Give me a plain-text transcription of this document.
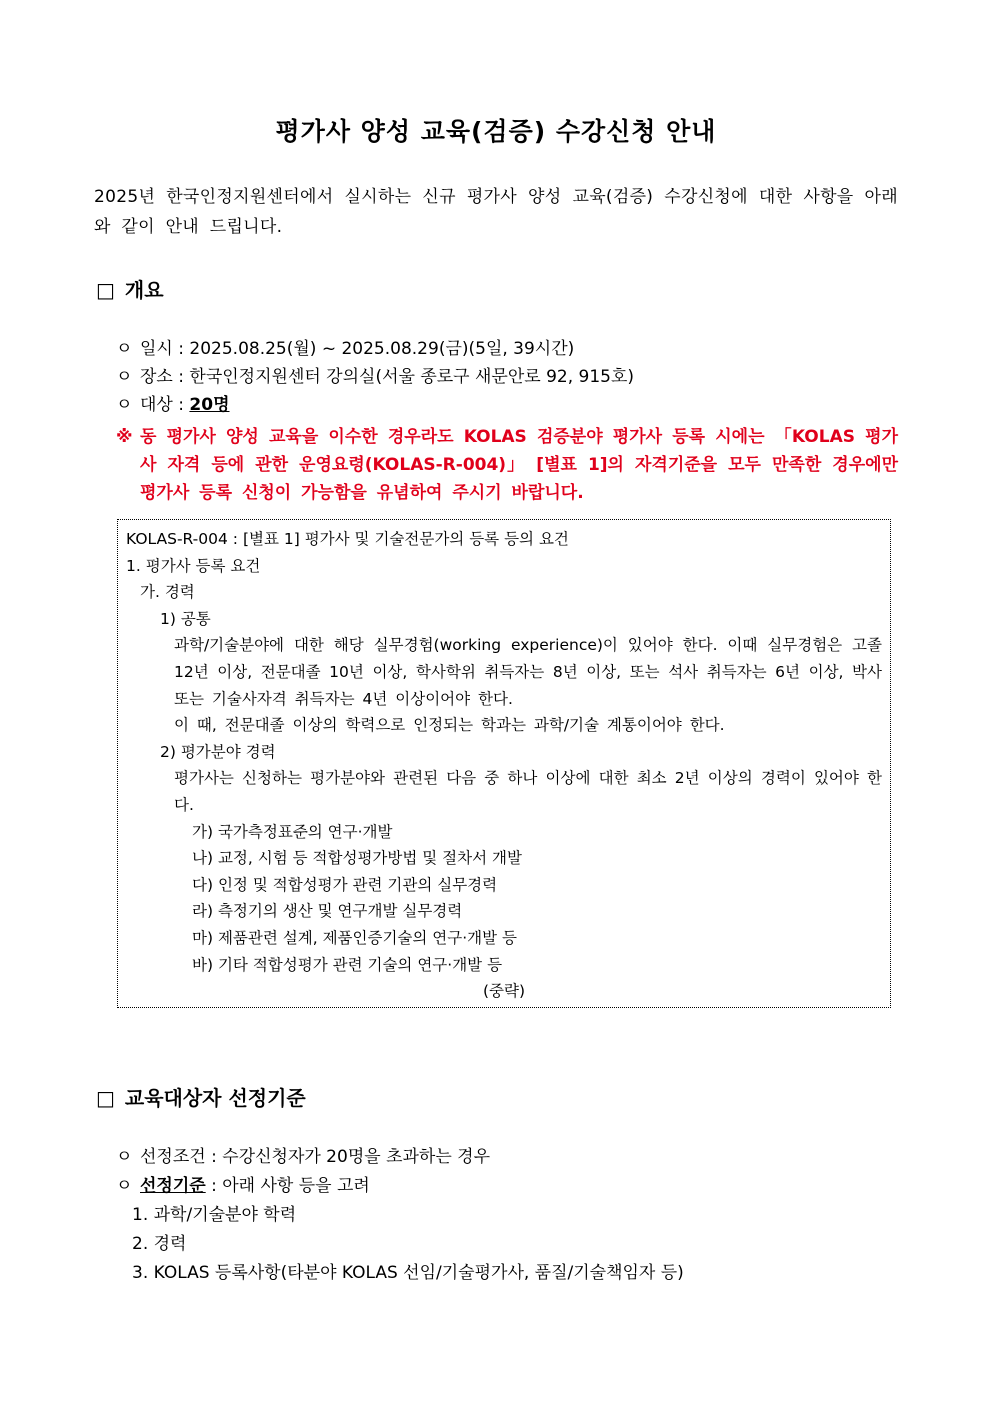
평가사 양성 교육(검증) 수강신청 안내
2025년 한국인정지원센터에서 실시하는 신규 평가사 양성 교육(검증) 수강신청에 대한 사항을 아래와 같이 안내 드립니다.
□ 개요
ㅇ 일시 : 2025.08.25(월) ~ 2025.08.29(금)(5일, 39시간)
ㅇ 장소 : 한국인정지원센터 강의실(서울 종로구 새문안로 92, 915호)
ㅇ 대상 : 20명
※ 동 평가사 양성 교육을 이수한 경우라도 KOLAS 검증분야 평가사 등록 시에는 「KOLAS 평가사 자격 등에 관한 운영요령(KOLAS-R-004)」 [별표 1]의 자격기준을 모두 만족한 경우에만 평가사 등록 신청이 가능함을 유념하여 주시기 바랍니다.
KOLAS-R-004 : [별표 1] 평가사 및 기술전문가의 등록 등의 요건
1. 평가사 등록 요건
가. 경력
1) 공통
과학/기술분야에 대한 해당 실무경험(working experience)이 있어야 한다. 이때 실무경험은 고졸 12년 이상, 전문대졸 10년 이상, 학사학위 취득자는 8년 이상, 또는 석사 취득자는 6년 이상, 박사 또는 기술사자격 취득자는 4년 이상이어야 한다.
이 때, 전문대졸 이상의 학력으로 인정되는 학과는 과학/기술 계통이어야 한다.
2) 평가분야 경력
평가사는 신청하는 평가분야와 관련된 다음 중 하나 이상에 대한 최소 2년 이상의 경력이 있어야 한다.
가) 국가측정표준의 연구·개발
나) 교정, 시험 등 적합성평가방법 및 절차서 개발
다) 인정 및 적합성평가 관련 기관의 실무경력
라) 측정기의 생산 및 연구개발 실무경력
마) 제품관련 설계, 제품인증기술의 연구·개발 등
바) 기타 적합성평가 관련 기술의 연구·개발 등
(중략)
□ 교육대상자 선정기준
ㅇ 선정조건 : 수강신청자가 20명을 초과하는 경우
ㅇ 선정기준 : 아래 사항 등을 고려
1. 과학/기술분야 학력
2. 경력
3. KOLAS 등록사항(타분야 KOLAS 선임/기술평가사, 품질/기술책임자 등)
